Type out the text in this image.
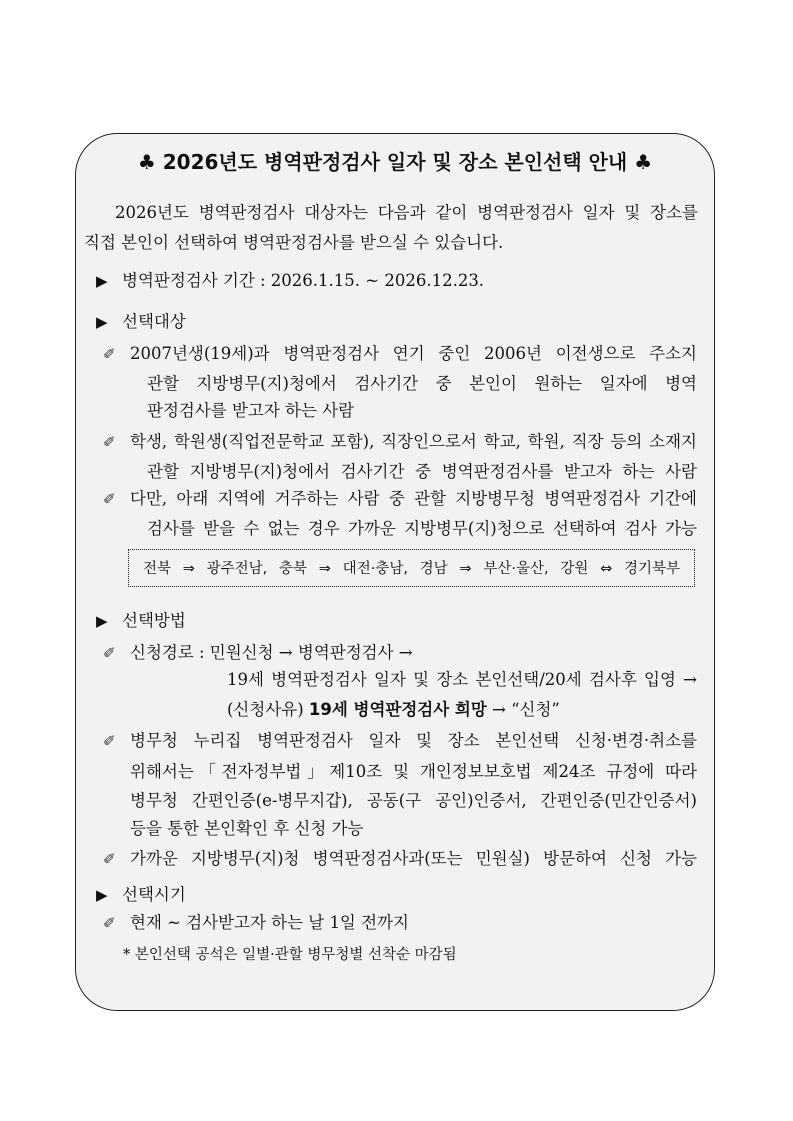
♣ 2026년도 병역판정검사 일자 및 장소 본인선택 안내 ♣
2026년도 병역판정검사 대상자는 다음과 같이 병역판정검사 일자 및 장소를
직접 본인이 선택하여 병역판정검사를 받으실 수 있습니다.
▶ 병역판정검사 기간 : 2026.1.15. ~ 2026.12.23.
▶ 선택대상
✐ 2007년생(19세)과 병역판정검사 연기 중인 2006년 이전생으로 주소지
관할 지방병무(지)청에서 검사기간 중 본인이 원하는 일자에 병역
판정검사를 받고자 하는 사람
✐ 학생, 학원생(직업전문학교 포함), 직장인으로서 학교, 학원, 직장 등의 소재지
관할 지방병무(지)청에서 검사기간 중 병역판정검사를 받고자 하는 사람
✐ 다만, 아래 지역에 거주하는 사람 중 관할 지방병무청 병역판정검사 기간에
검사를 받을 수 없는 경우 가까운 지방병무(지)청으로 선택하여 검사 가능
전북 ⇒ 광주전남, 충북 ⇒ 대전·충남, 경남 ⇒ 부산·울산, 강원 ⇔ 경기북부
▶ 선택방법
✐ 신청경로 : 민원신청 → 병역판정검사 →
19세 병역판정검사 일자 및 장소 본인선택/20세 검사후 입영 →
(신청사유) 19세 병역판정검사 희망 → “신청”
✐ 병무청 누리집 병역판정검사 일자 및 장소 본인선택 신청·변경·취소를
위해서는「전자정부법」제10조 및 개인정보보호법 제24조 규정에 따라
병무청 간편인증(e-병무지갑), 공동(구 공인)인증서, 간편인증(민간인증서)
등을 통한 본인확인 후 신청 가능
✐ 가까운 지방병무(지)청 병역판정검사과(또는 민원실) 방문하여 신청 가능
▶ 선택시기
✐ 현재 ~ 검사받고자 하는 날 1일 전까지
* 본인선택 공석은 일별·관할 병무청별 선착순 마감됨
